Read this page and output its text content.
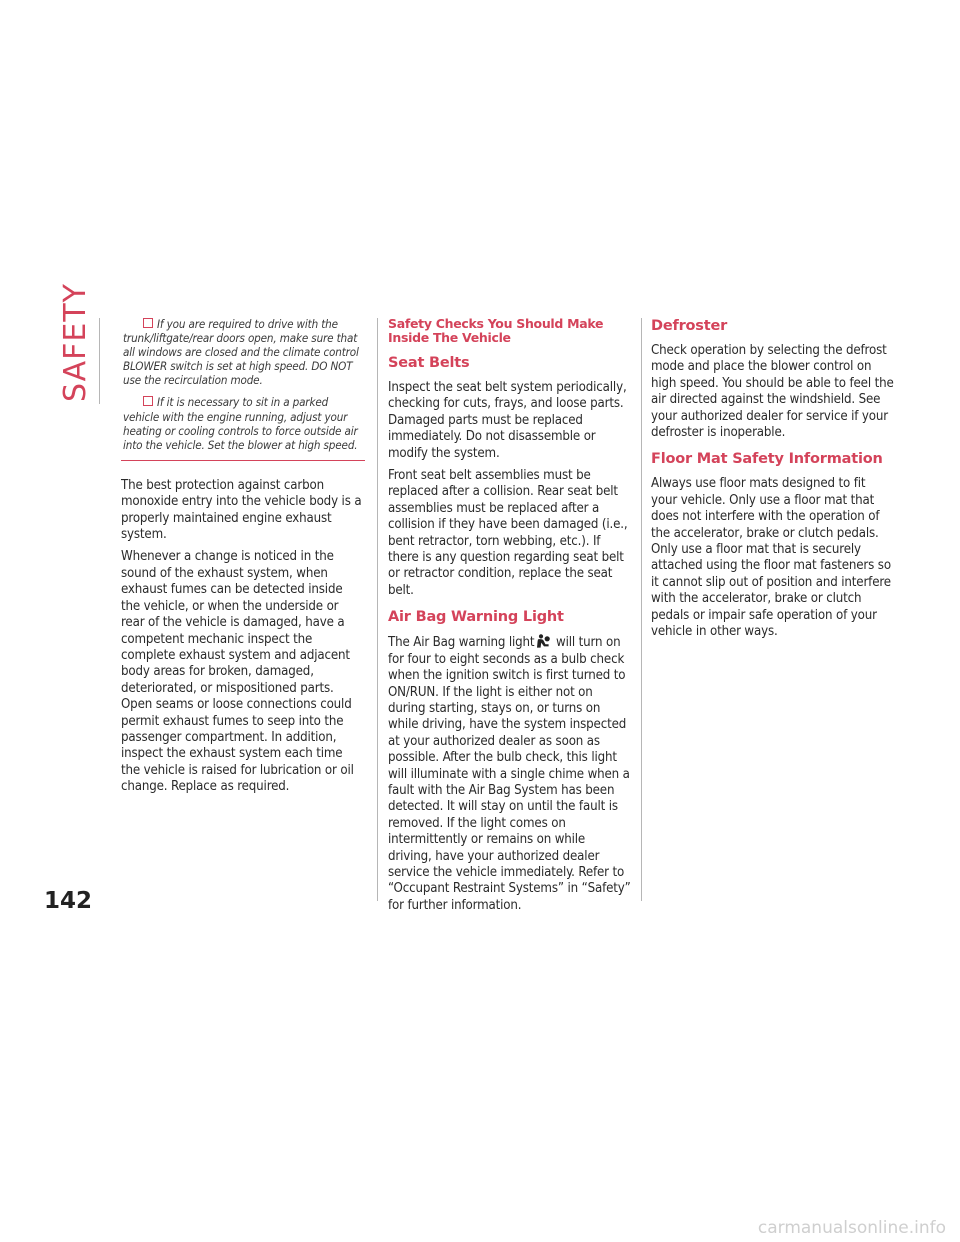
SAFETY	If you are required to drive with the trunk/liftgate/rear doors open, make sure that all windows are closed and the climate control BLOWER switch is set at high speed. DO NOT use the recirculation mode.

If it is necessary to sit in a parked vehicle with the engine running, adjust your heating or cooling controls to force outside air into the vehicle. Set the blower at high speed.

The best protection against carbon monoxide entry into the vehicle body is a properly maintained engine exhaust system.

Whenever a change is noticed in the sound of the exhaust system, when exhaust fumes can be detected inside the vehicle, or when the underside or rear of the vehicle is damaged, have a competent mechanic inspect the complete exhaust system and adjacent body areas for broken, damaged, deteriorated, or mispositioned parts. Open seams or loose connections could permit exhaust fumes to seep into the passenger compartment. In addition, inspect the exhaust system each time the vehicle is raised for lubrication or oil change. Replace as required.

Safety Checks You Should Make Inside The Vehicle
Seat Belts

Inspect the seat belt system periodically, checking for cuts, frays, and loose parts. Damaged parts must be replaced immediately. Do not disassemble or modify the system.

Front seat belt assemblies must be replaced after a collision. Rear seat belt assemblies must be replaced after a collision if they have been damaged (i.e., bent retractor, torn webbing, etc.). If there is any question regarding seat belt or retractor condition, replace the seat belt.

Air Bag Warning Light

The Air Bag warning light will turn on for four to eight seconds as a bulb check when the ignition switch is first turned to ON/RUN. If the light is either not on during starting, stays on, or turns on while driving, have the system inspected at your authorized dealer as soon as possible. After the bulb check, this light will illuminate with a single chime when a fault with the Air Bag System has been detected. It will stay on until the fault is removed. If the light comes on intermittently or remains on while driving, have your authorized dealer service the vehicle immediately. Refer to “Occupant Restraint Systems” in “Safety” for further information.

Defroster

Check operation by selecting the defrost mode and place the blower control on high speed. You should be able to feel the air directed against the windshield. See your authorized dealer for service if your defroster is inoperable.

Floor Mat Safety Information

Always use floor mats designed to fit your vehicle. Only use a floor mat that does not interfere with the operation of the accelerator, brake or clutch pedals. Only use a floor mat that is securely attached using the floor mat fasteners so it cannot slip out of position and interfere with the accelerator, brake or clutch pedals or impair safe operation of your vehicle in other ways.

142
carmanualsonline.info
